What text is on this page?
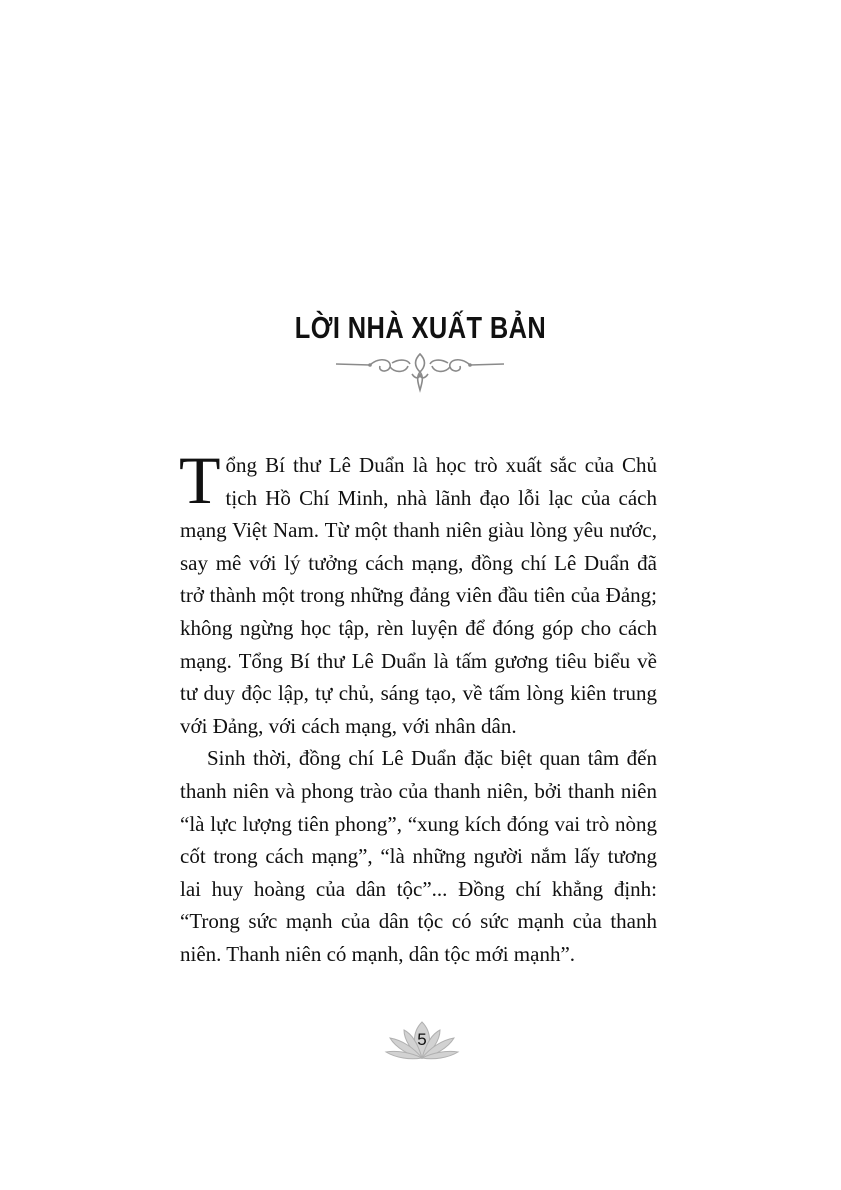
LỜI NHÀ XUẤT BẢN

Tổng Bí thư Lê Duẩn là học trò xuất sắc của Chủ tịch Hồ Chí Minh, nhà lãnh đạo lỗi lạc của cách mạng Việt Nam. Từ một thanh niên giàu lòng yêu nước, say mê với lý tưởng cách mạng, đồng chí Lê Duẩn đã trở thành một trong những đảng viên đầu tiên của Đảng; không ngừng học tập, rèn luyện để đóng góp cho cách mạng. Tổng Bí thư Lê Duẩn là tấm gương tiêu biểu về tư duy độc lập, tự chủ, sáng tạo, về tấm lòng kiên trung với Đảng, với cách mạng, với nhân dân.

Sinh thời, đồng chí Lê Duẩn đặc biệt quan tâm đến thanh niên và phong trào của thanh niên, bởi thanh niên “là lực lượng tiên phong”, “xung kích đóng vai trò nòng cốt trong cách mạng”, “là những người nắm lấy tương lai huy hoàng của dân tộc”... Đồng chí khẳng định: “Trong sức mạnh của dân tộc có sức mạnh của thanh niên. Thanh niên có mạnh, dân tộc mới mạnh”.

5
